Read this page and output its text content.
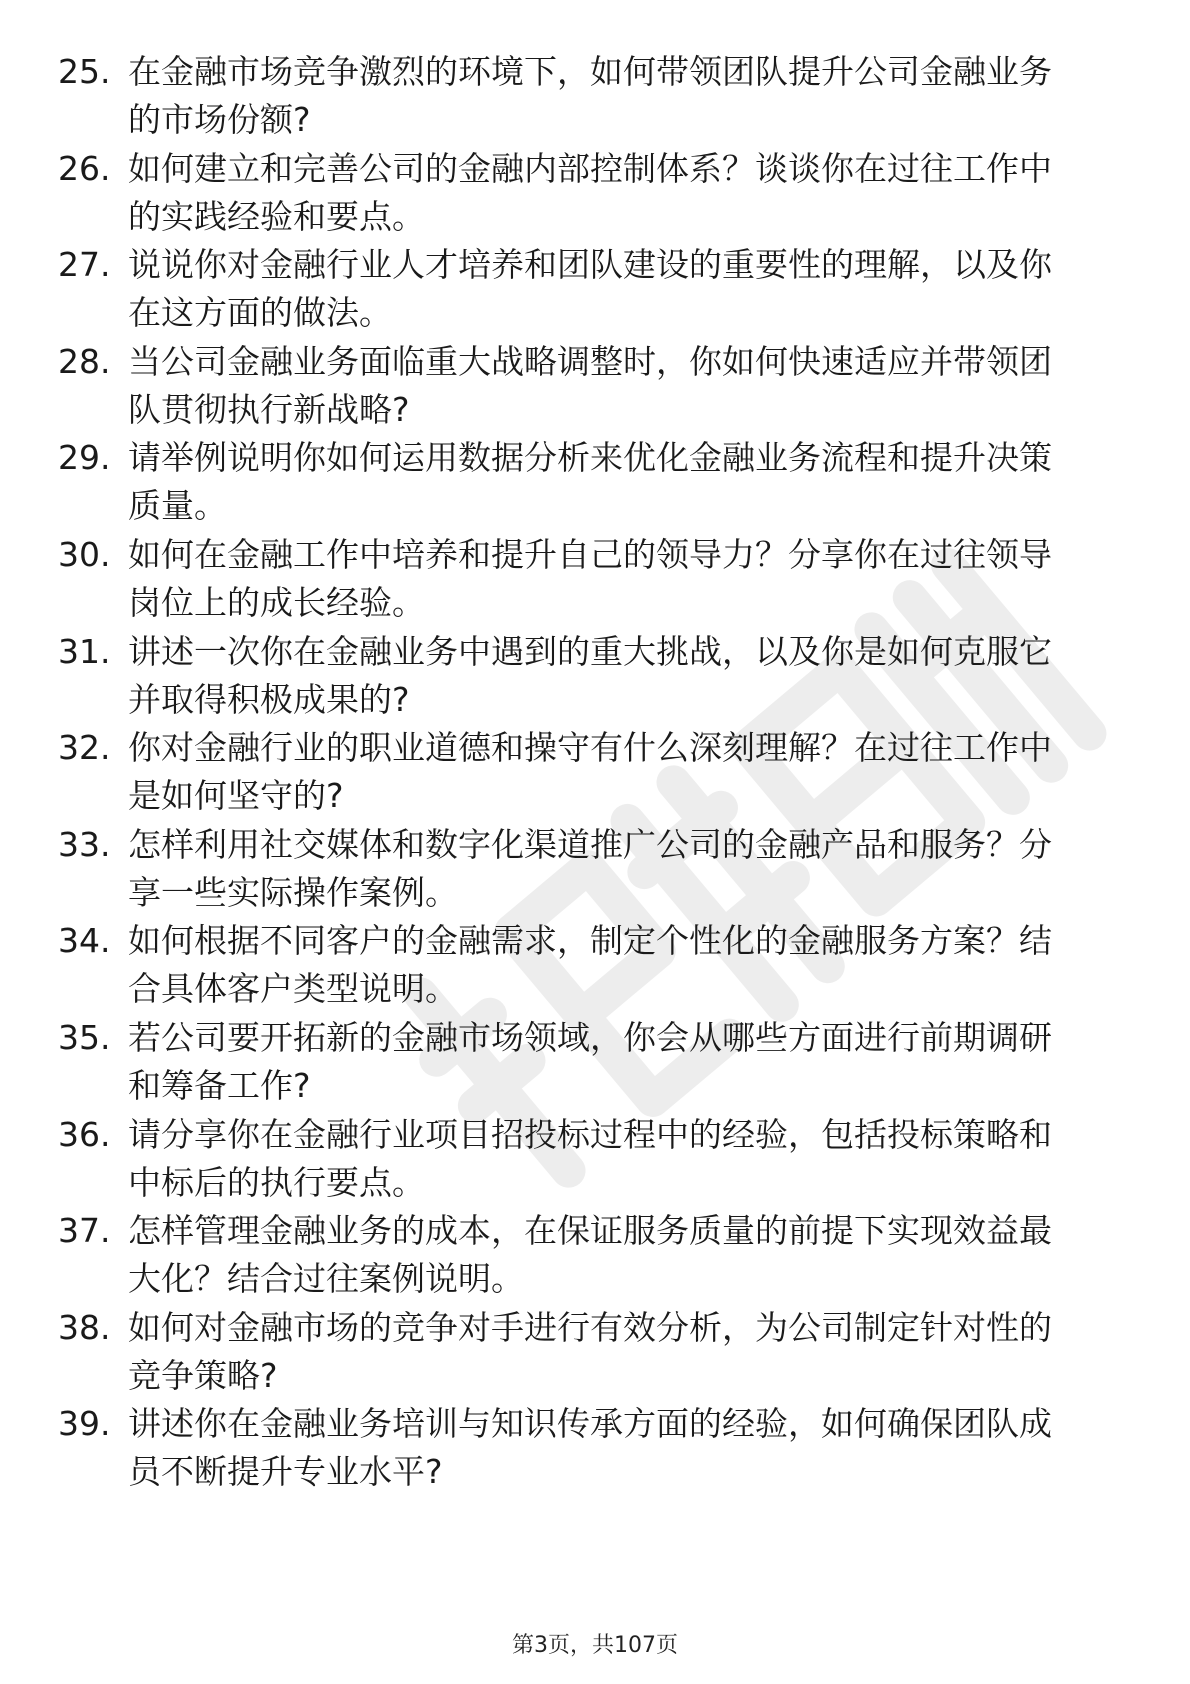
25. 在金融市场竞争激烈的环境下，如何带领团队提升公司金融业务
的市场份额?
26. 如何建立和完善公司的金融内部控制体系？谈谈你在过往工作中
的实践经验和要点。
27. 说说你对金融行业人才培养和团队建设的重要性的理解，以及你
在这方面的做法。
28. 当公司金融业务面临重大战略调整时，你如何快速适应并带领团
队贯彻执行新战略?
29. 请举例说明你如何运用数据分析来优化金融业务流程和提升决策
质量。
30. 如何在金融工作中培养和提升自己的领导力？分享你在过往领导
岗位上的成长经验。
31. 讲述一次你在金融业务中遇到的重大挑战，以及你是如何克服它
并取得积极成果的?
32. 你对金融行业的职业道德和操守有什么深刻理解？在过往工作中
是如何坚守的?
33. 怎样利用社交媒体和数字化渠道推广公司的金融产品和服务？分
享一些实际操作案例。
34. 如何根据不同客户的金融需求，制定个性化的金融服务方案？结
合具体客户类型说明。
35. 若公司要开拓新的金融市场领域，你会从哪些方面进行前期调研
和筹备工作?
36. 请分享你在金融行业项目招投标过程中的经验，包括投标策略和
中标后的执行要点。
37. 怎样管理金融业务的成本，在保证服务质量的前提下实现效益最
大化？结合过往案例说明。
38. 如何对金融市场的竞争对手进行有效分析，为公司制定针对性的
竞争策略?
39. 讲述你在金融业务培训与知识传承方面的经验，如何确保团队成
员不断提升专业水平?
第3页，共107页
